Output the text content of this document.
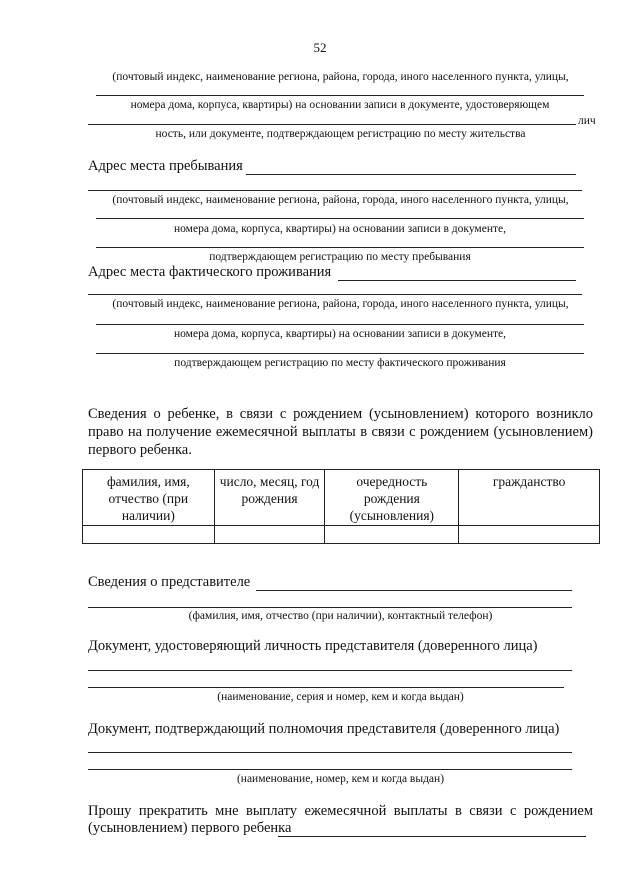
52
(почтовый индекс, наименование региона, района, города, иного населенного пункта, улицы,
номера дома, корпуса, квартиры) на основании записи в документе, удостоверяющем
лич
ность, или документе, подтверждающем регистрацию по месту жительства
Адрес места пребывания
(почтовый индекс, наименование региона, района, города, иного населенного пункта, улицы,
номера дома, корпуса, квартиры) на основании записи в документе,
подтверждающем регистрацию по месту пребывания
Адрес места фактического проживания
(почтовый индекс, наименование региона, района, города, иного населенного пункта, улицы,
номера дома, корпуса, квартиры) на основании записи в документе,
подтверждающем регистрацию по месту фактического проживания
Сведения о ребенке, в связи с рождением (усыновлением) которого возникло право на получение ежемесячной выплаты в связи с рождением (усыновлением) первого ребенка.
фамилия, имя, отчество (при наличии)	число, месяц, год рождения	очередность рождения (усыновления)	гражданство

Сведения о представителе
(фамилия, имя, отчество (при наличии), контактный телефон)
Документ, удостоверяющий личность представителя (доверенного лица)
(наименование, серия и номер, кем и когда выдан)
Документ, подтверждающий полномочия представителя (доверенного лица)
(наименование, номер, кем и когда выдан)
Прошу прекратить мне выплату ежемесячной выплаты в связи с рождением
(усыновлением) первого ребенка
